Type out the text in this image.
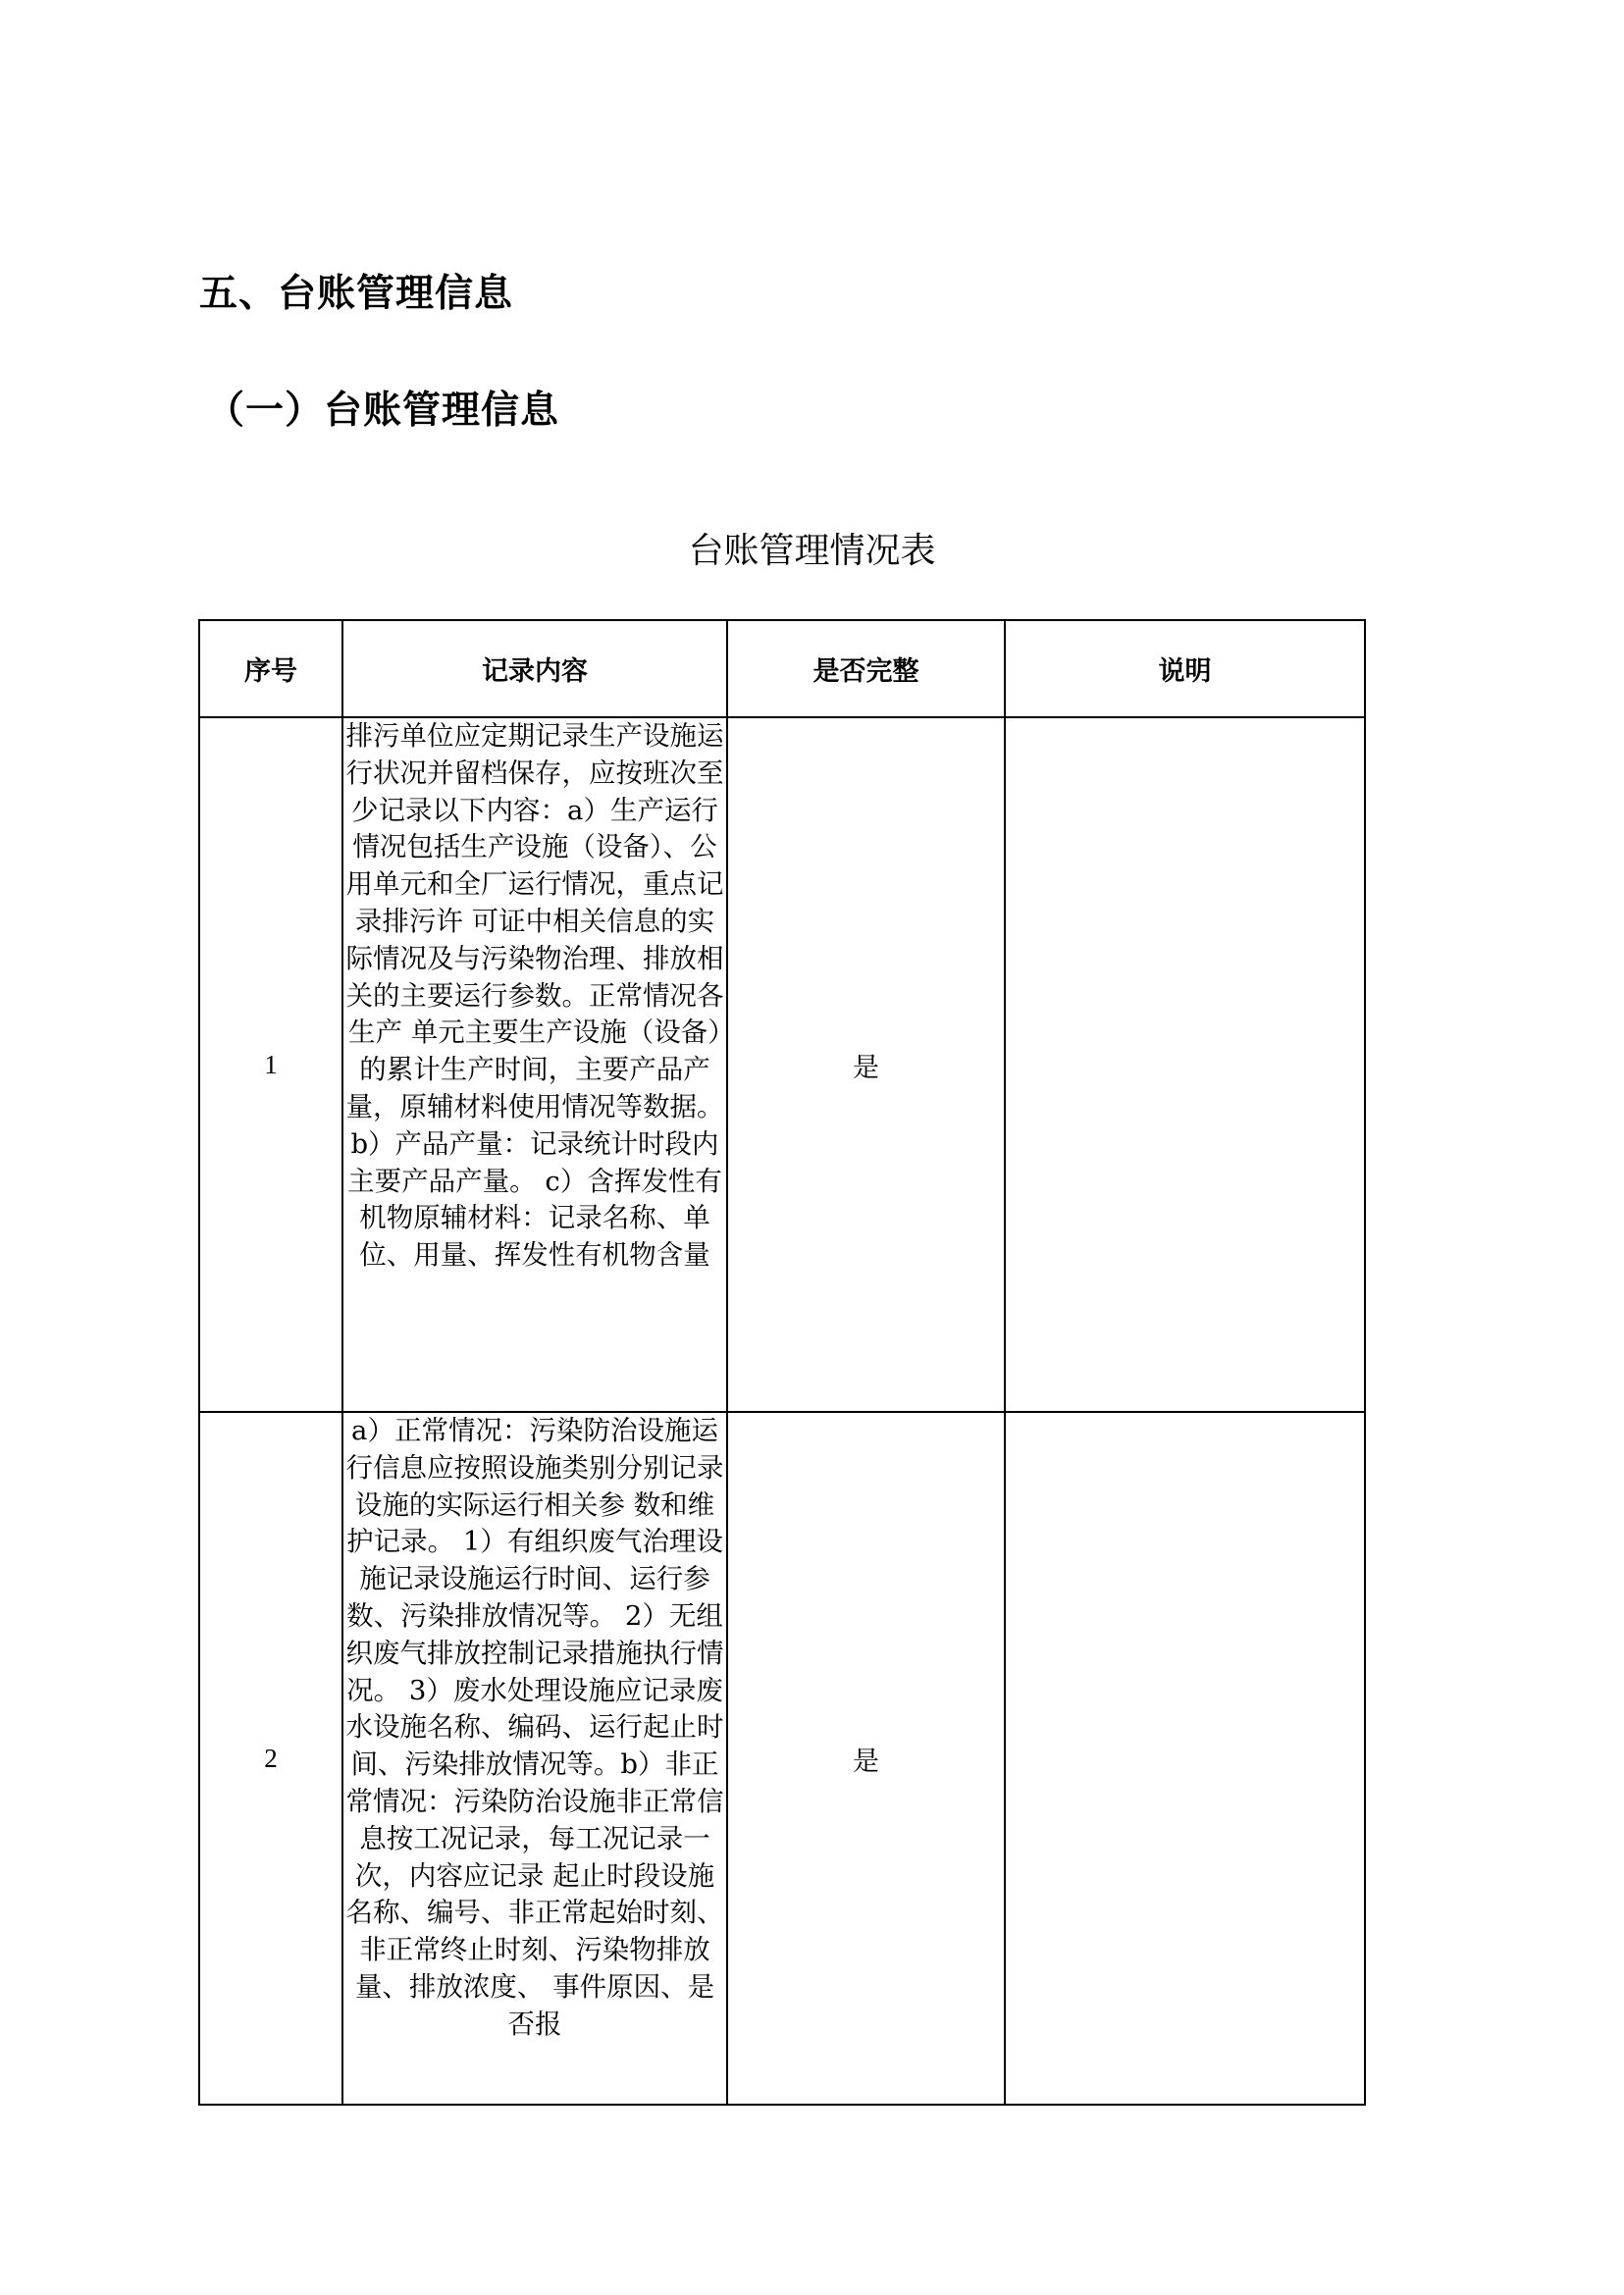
五、台账管理信息
（一）台账管理信息

台账管理情况表

序号	记录内容	是否完整	说明
1	排污单位应定期记录生产设施运行状况并留档保存，应按班次至少记录以下内容：a）生产运行情况包括生产设施（设备）、公用单元和全厂运行情况，重点记录排污许 可证中相关信息的实际情况及与污染物治理、排放相关的主要运行参数。正常情况各生产 单元主要生产设施（设备）的累计生产时间，主要产品产量，原辅材料使用情况等数据。 b）产品产量：记录统计时段内主要产品产量。 c）含挥发性有机物原辅材料：记录名称、单位、用量、挥发性有机物含量	是	
2	a）正常情况：污染防治设施运行信息应按照设施类别分别记录设施的实际运行相关参 数和维护记录。 1）有组织废气治理设施记录设施运行时间、运行参数、污染排放情况等。 2）无组织废气排放控制记录措施执行情况。 3）废水处理设施应记录废水设施名称、编码、运行起止时间、污染排放情况等。b）非正常情况：污染防治设施非正常信息按工况记录，每工况记录一次，内容应记录 起止时段设施名称、编号、非正常起始时刻、非正常终止时刻、污染物排放量、排放浓度、 事件原因、是否报	是	
